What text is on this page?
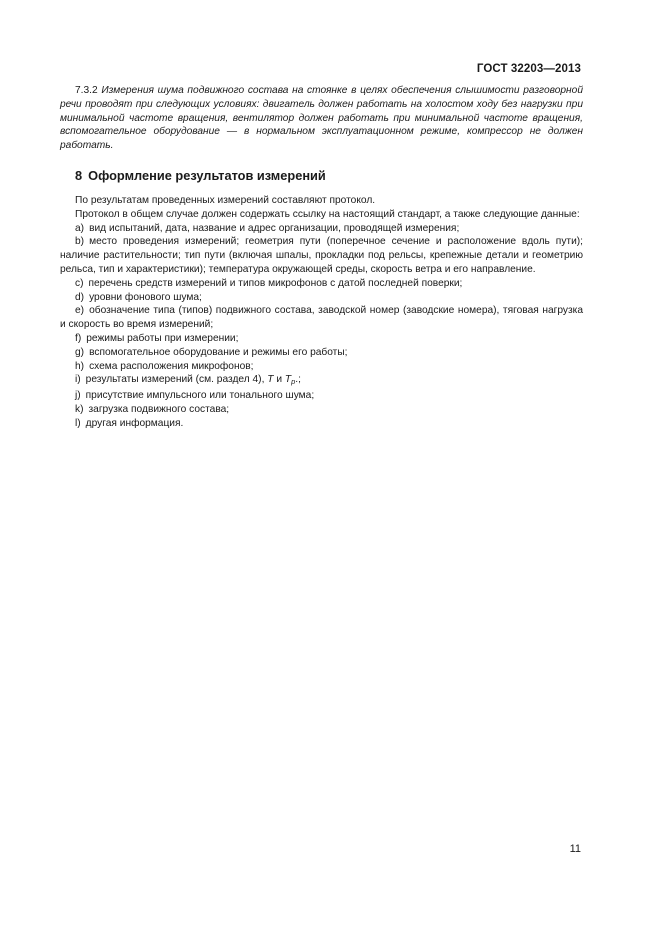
ГОСТ 32203—2013

7.3.2 Измерения шума подвижного состава на стоянке в целях обеспечения слышимости разговорной речи проводят при следующих условиях: двигатель должен работать на холостом ходу без нагрузки при минимальной частоте вращения, вентилятор должен работать при минимальной частоте вращения, вспомогательное оборудование — в нормальном эксплуатационном режиме, компрессор не должен работать.

8 Оформление результатов измерений

По результатам проведенных измерений составляют протокол.

Протокол в общем случае должен содержать ссылку на настоящий стандарт, а также следующие данные:

a) вид испытаний, дата, название и адрес организации, проводящей измерения;

b) место проведения измерений; геометрия пути (поперечное сечение и расположение вдоль пути); наличие растительности; тип пути (включая шпалы, прокладки под рельсы, крепежные детали и геометрию рельса, тип и характеристики); температура окружающей среды, скорость ветра и его направление.

c) перечень средств измерений и типов микрофонов с датой последней поверки;

d) уровни фонового шума;

e) обозначение типа (типов) подвижного состава, заводской номер (заводские номера), тяговая нагрузка и скорость во время измерений;

f) режимы работы при измерении;

g) вспомогательное оборудование и режимы его работы;

h) схема расположения микрофонов;

i) результаты измерений (см. раздел 4), T и $T_p$.;

j) присутствие импульсного или тонального шума;

k) загрузка подвижного состава;

l) другая информация.

11
